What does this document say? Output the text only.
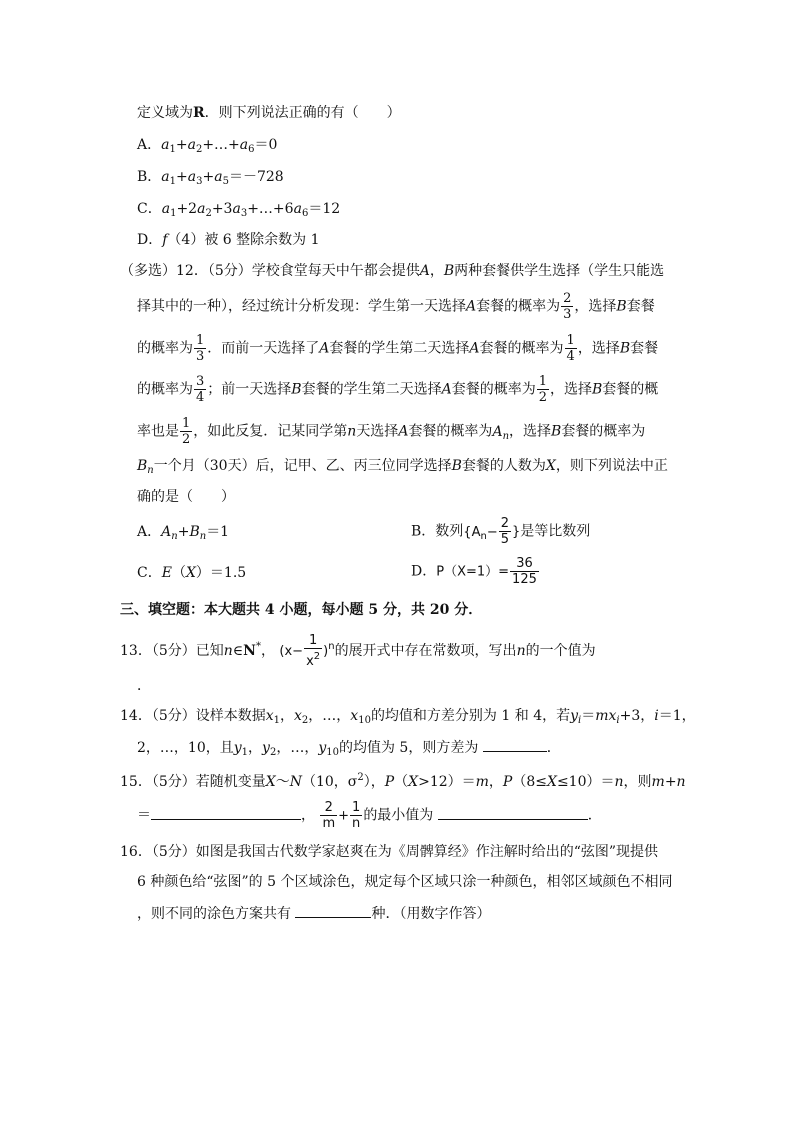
定义域为R．则下列说法正确的有（　　）
A．$a_1+a_2+\dots+a_6=0$
B．$a_1+a_3+a_5=-728$
C．$a_1+2a_2+3a_3+\dots+6a_6=12$
D．f（4）被 6 整除余数为 1
（多选）12．（5分）学校食堂每天中午都会提供A，B两种套餐供学生选择（学生只能选
择其中的一种），经过统计分析发现：学生第一天选择A套餐的概率为 $\frac{2}{3}$ ，选择B套餐
的概率为 $\frac{1}{3}$ ．而前一天选择了A套餐的学生第二天选择A套餐的概率为 $\frac{1}{4}$ ，选择B套餐
的概率为 $\frac{3}{4}$ ；前一天选择B套餐的学生第二天选择A套餐的概率为 $\frac{1}{2}$ ，选择B套餐的概
率也是 $\frac{1}{2}$ ，如此反复．记某同学第n天选择A套餐的概率为$A_n$，选择B套餐的概率为
$B_n$一个月（30天）后，记甲、乙、丙三位同学选择B套餐的人数为X，则下列说法中正
确的是（　　）
A．$A_n+B_n=1$	B．数列{$A_n- \frac{2}{5}$ }是等比数列
C．E（X）＝1.5	D．$P(X=1)= \frac{36}{125}$
三、填空题：本大题共 4 小题，每小题 5 分，共 20 分．
13．（5分）已知n∈N*， $(x- \frac{1}{x^2} )^n$的展开式中存在常数项，写出n的一个值为
．
14．（5分）设样本数据$x_1$，$x_2$，…，$x_{10}$的均值和方差分别为 1 和 4，若$y_i=mx_i+3$，i＝1，
2，…，10，且$y_1$，$y_2$，…，$y_{10}$的均值为 5，则方差为	．
15．（5分）若随机变量X～N（10，$\sigma^2$），P（X>12）＝m，P（8≤X≤10）＝n，则m+n
＝	， $\frac{2}{m} + \frac{1}{n}$ 的最小值为	．
16．（5分）如图是我国古代数学家赵爽在为《周髀算经》作注解时给出的“弦图”现提供
6 种颜色给“弦图”的 5 个区域涂色，规定每个区域只涂一种颜色，相邻区域颜色不相同
，则不同的涂色方案共有	种．（用数字作答）
